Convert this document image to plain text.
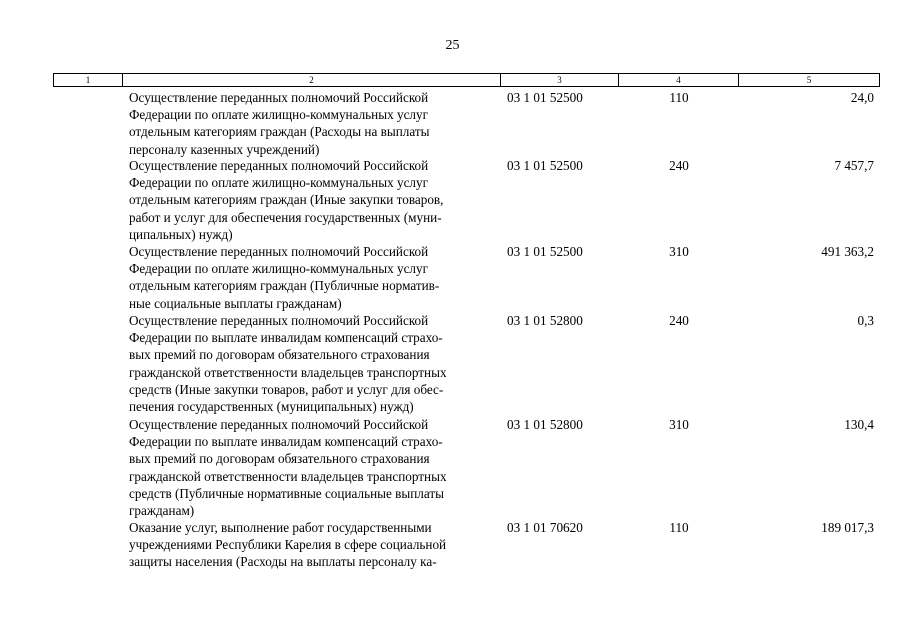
25
1	2	3	4	5
Осуществление переданных полномочий Российской
Федерации по оплате жилищно-коммунальных услуг
отдельным категориям граждан (Расходы на выплаты
персоналу казенных учреждений)
03 1 01 52500	110	24,0
Осуществление переданных полномочий Российской
Федерации по оплате жилищно-коммунальных услуг
отдельным категориям граждан (Иные закупки товаров,
работ и услуг для обеспечения государственных (муни-
ципальных) нужд)
03 1 01 52500	240	7 457,7
Осуществление переданных полномочий Российской
Федерации по оплате жилищно-коммунальных услуг
отдельным категориям граждан (Публичные норматив-
ные социальные выплаты гражданам)
03 1 01 52500	310	491 363,2
Осуществление переданных полномочий Российской
Федерации по выплате инвалидам компенсаций страхо-
вых премий по договорам обязательного страхования
гражданской ответственности владельцев транспортных
средств (Иные закупки товаров, работ и услуг для обес-
печения государственных (муниципальных) нужд)
03 1 01 52800	240	0,3
Осуществление переданных полномочий Российской
Федерации по выплате инвалидам компенсаций страхо-
вых премий по договорам обязательного страхования
гражданской ответственности владельцев транспортных
средств (Публичные нормативные социальные выплаты
гражданам)
03 1 01 52800	310	130,4
Оказание услуг, выполнение работ государственными
учреждениями Республики Карелия в сфере социальной
защиты населения (Расходы на выплаты персоналу ка-
03 1 01 70620	110	189 017,3
